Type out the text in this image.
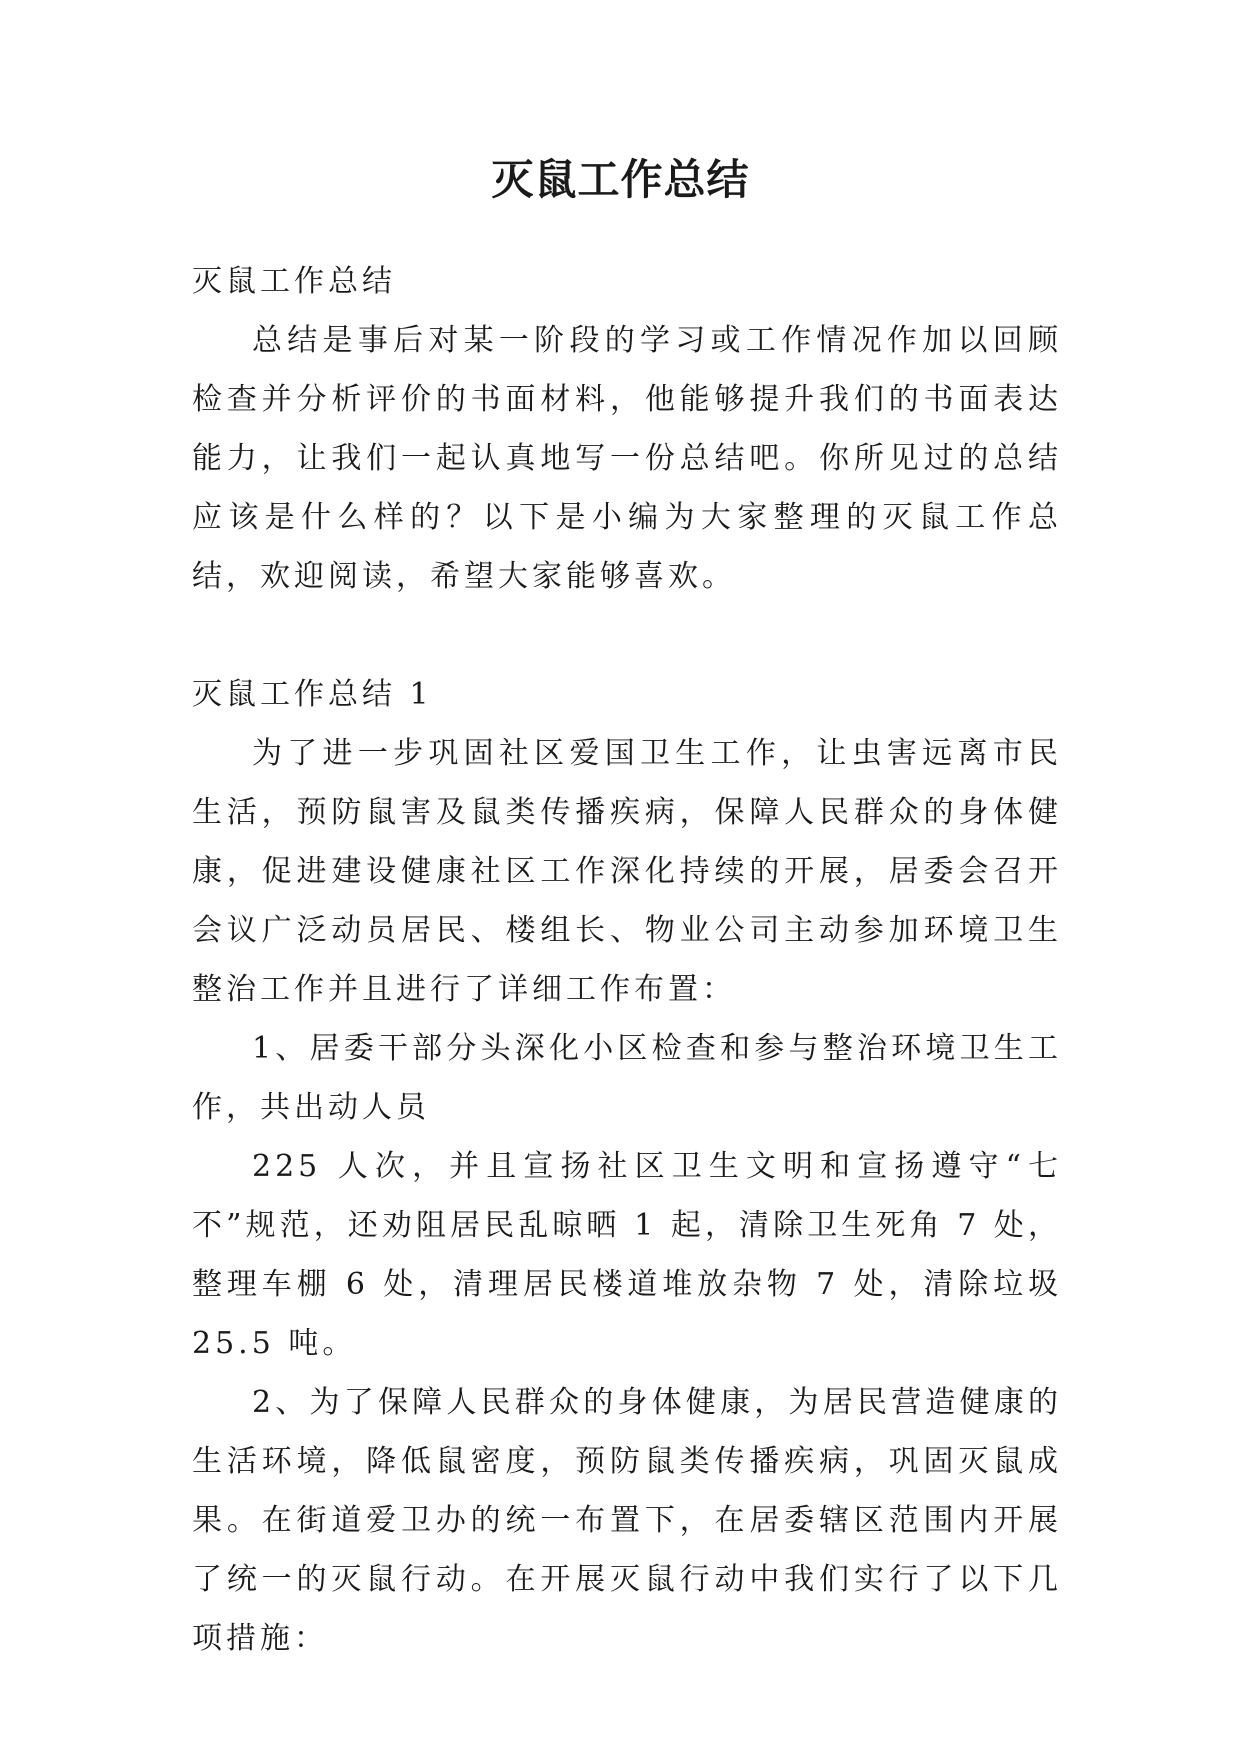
灭鼠工作总结

灭鼠工作总结

总结是事后对某一阶段的学习或工作情况作加以回顾检查并分析评价的书面材料，他能够提升我们的书面表达能力，让我们一起认真地写一份总结吧。你所见过的总结应该是什么样的？以下是小编为大家整理的灭鼠工作总结，欢迎阅读，希望大家能够喜欢。

灭鼠工作总结 1

为了进一步巩固社区爱国卫生工作，让虫害远离市民生活，预防鼠害及鼠类传播疾病，保障人民群众的身体健康，促进建设健康社区工作深化持续的开展，居委会召开会议广泛动员居民、楼组长、物业公司主动参加环境卫生整治工作并且进行了详细工作布置：

1、居委干部分头深化小区检查和参与整治环境卫生工作，共出动人员

225 人次，并且宣扬社区卫生文明和宣扬遵守“七不”规范，还劝阻居民乱晾晒 1 起，清除卫生死角 7 处，整理车棚 6 处，清理居民楼道堆放杂物 7 处，清除垃圾 25.5 吨。

2、为了保障人民群众的身体健康，为居民营造健康的生活环境，降低鼠密度，预防鼠类传播疾病，巩固灭鼠成果。在街道爱卫办的统一布置下，在居委辖区范围内开展了统一的灭鼠行动。在开展灭鼠行动中我们实行了以下几项措施：
